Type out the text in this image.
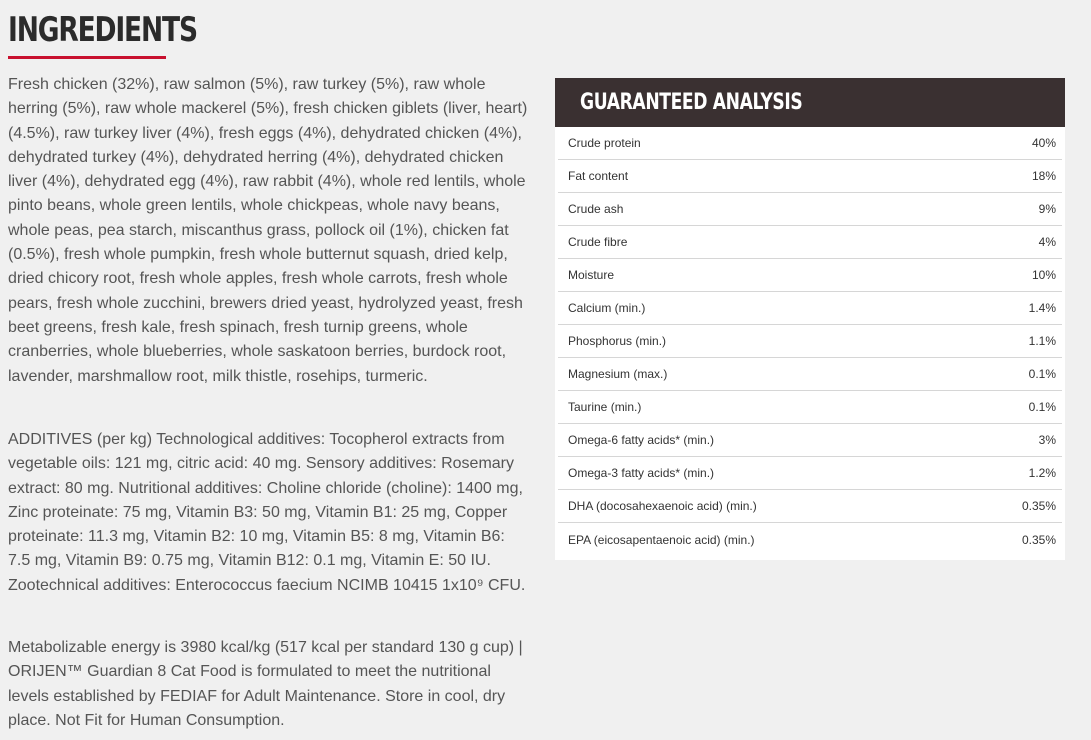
INGREDIENTS

Fresh chicken (32%), raw salmon (5%), raw turkey (5%), raw whole herring (5%), raw whole mackerel (5%), fresh chicken giblets (liver, heart) (4.5%), raw turkey liver (4%), fresh eggs (4%), dehydrated chicken (4%), dehydrated turkey (4%), dehydrated herring (4%), dehydrated chicken liver (4%), dehydrated egg (4%), raw rabbit (4%), whole red lentils, whole pinto beans, whole green lentils, whole chickpeas, whole navy beans, whole peas, pea starch, miscanthus grass, pollock oil (1%), chicken fat (0.5%), fresh whole pumpkin, fresh whole butternut squash, dried kelp, dried chicory root, fresh whole apples, fresh whole carrots, fresh whole pears, fresh whole zucchini, brewers dried yeast, hydrolyzed yeast, fresh beet greens, fresh kale, fresh spinach, fresh turnip greens, whole cranberries, whole blueberries, whole saskatoon berries, burdock root, lavender, marshmallow root, milk thistle, rosehips, turmeric.

ADDITIVES (per kg) Technological additives: Tocopherol extracts from vegetable oils: 121 mg, citric acid: 40 mg. Sensory additives: Rosemary extract: 80 mg. Nutritional additives: Choline chloride (choline): 1400 mg, Zinc proteinate: 75 mg, Vitamin B3: 50 mg, Vitamin B1: 25 mg, Copper proteinate: 11.3 mg, Vitamin B2: 10 mg, Vitamin B5: 8 mg, Vitamin B6: 7.5 mg, Vitamin B9: 0.75 mg, Vitamin B12: 0.1 mg, Vitamin E: 50 IU. Zootechnical additives: Enterococcus faecium NCIMB 10415 1x10⁹ CFU.

Metabolizable energy is 3980 kcal/kg (517 kcal per standard 130 g cup) | ORIJEN™ Guardian 8 Cat Food is formulated to meet the nutritional levels established by FEDIAF for Adult Maintenance. Store in cool, dry place. Not Fit for Human Consumption.

GUARANTEED ANALYSIS
Crude protein	40%
Fat content	18%
Crude ash	9%
Crude fibre	4%
Moisture	10%
Calcium (min.)	1.4%
Phosphorus (min.)	1.1%
Magnesium (max.)	0.1%
Taurine (min.)	0.1%
Omega-6 fatty acids* (min.)	3%
Omega-3 fatty acids* (min.)	1.2%
DHA (docosahexaenoic acid) (min.)	0.35%
EPA (eicosapentaenoic acid) (min.)	0.35%
